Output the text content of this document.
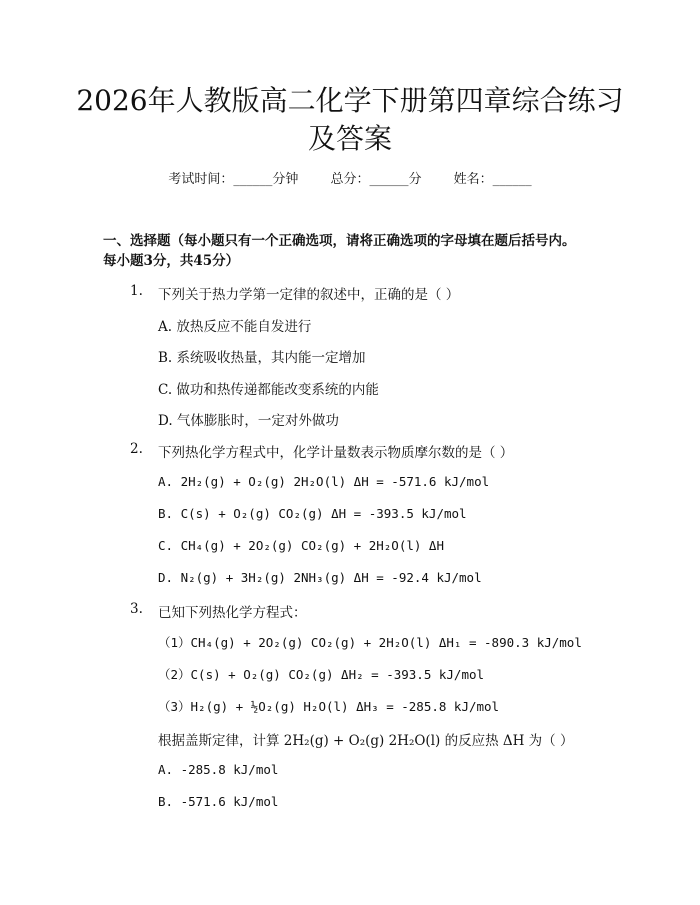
2026年人教版高二化学下册第四章综合练习
及答案
考试时间：______分钟 总分：______分 姓名：______
一、选择题（每小题只有一个正确选项，请将正确选项的字母填在题后括号内。
每小题3分，共45分）
1. 下列关于热力学第一定律的叙述中，正确的是（ ）
A. 放热反应不能自发进行
B. 系统吸收热量，其内能一定增加
C. 做功和热传递都能改变系统的内能
D. 气体膨胀时，一定对外做功
2. 下列热化学方程式中，化学计量数表示物质摩尔数的是（ ）
A. 2H₂(g) + O₂(g) 2H₂O(l) ΔH = -571.6 kJ/mol
B. C(s) + O₂(g) CO₂(g) ΔH = -393.5 kJ/mol
C. CH₄(g) + 2O₂(g) CO₂(g) + 2H₂O(l) ΔH
D. N₂(g) + 3H₂(g) 2NH₃(g) ΔH = -92.4 kJ/mol
3. 已知下列热化学方程式：
（1）CH₄(g) + 2O₂(g) CO₂(g) + 2H₂O(l) ΔH₁ = -890.3 kJ/mol
（2）C(s) + O₂(g) CO₂(g) ΔH₂ = -393.5 kJ/mol
（3）H₂(g) + ½O₂(g) H₂O(l) ΔH₃ = -285.8 kJ/mol
根据盖斯定律，计算 2H₂(g) + O₂(g) 2H₂O(l) 的反应热 ΔH 为（ ）
A. -285.8 kJ/mol
B. -571.6 kJ/mol
